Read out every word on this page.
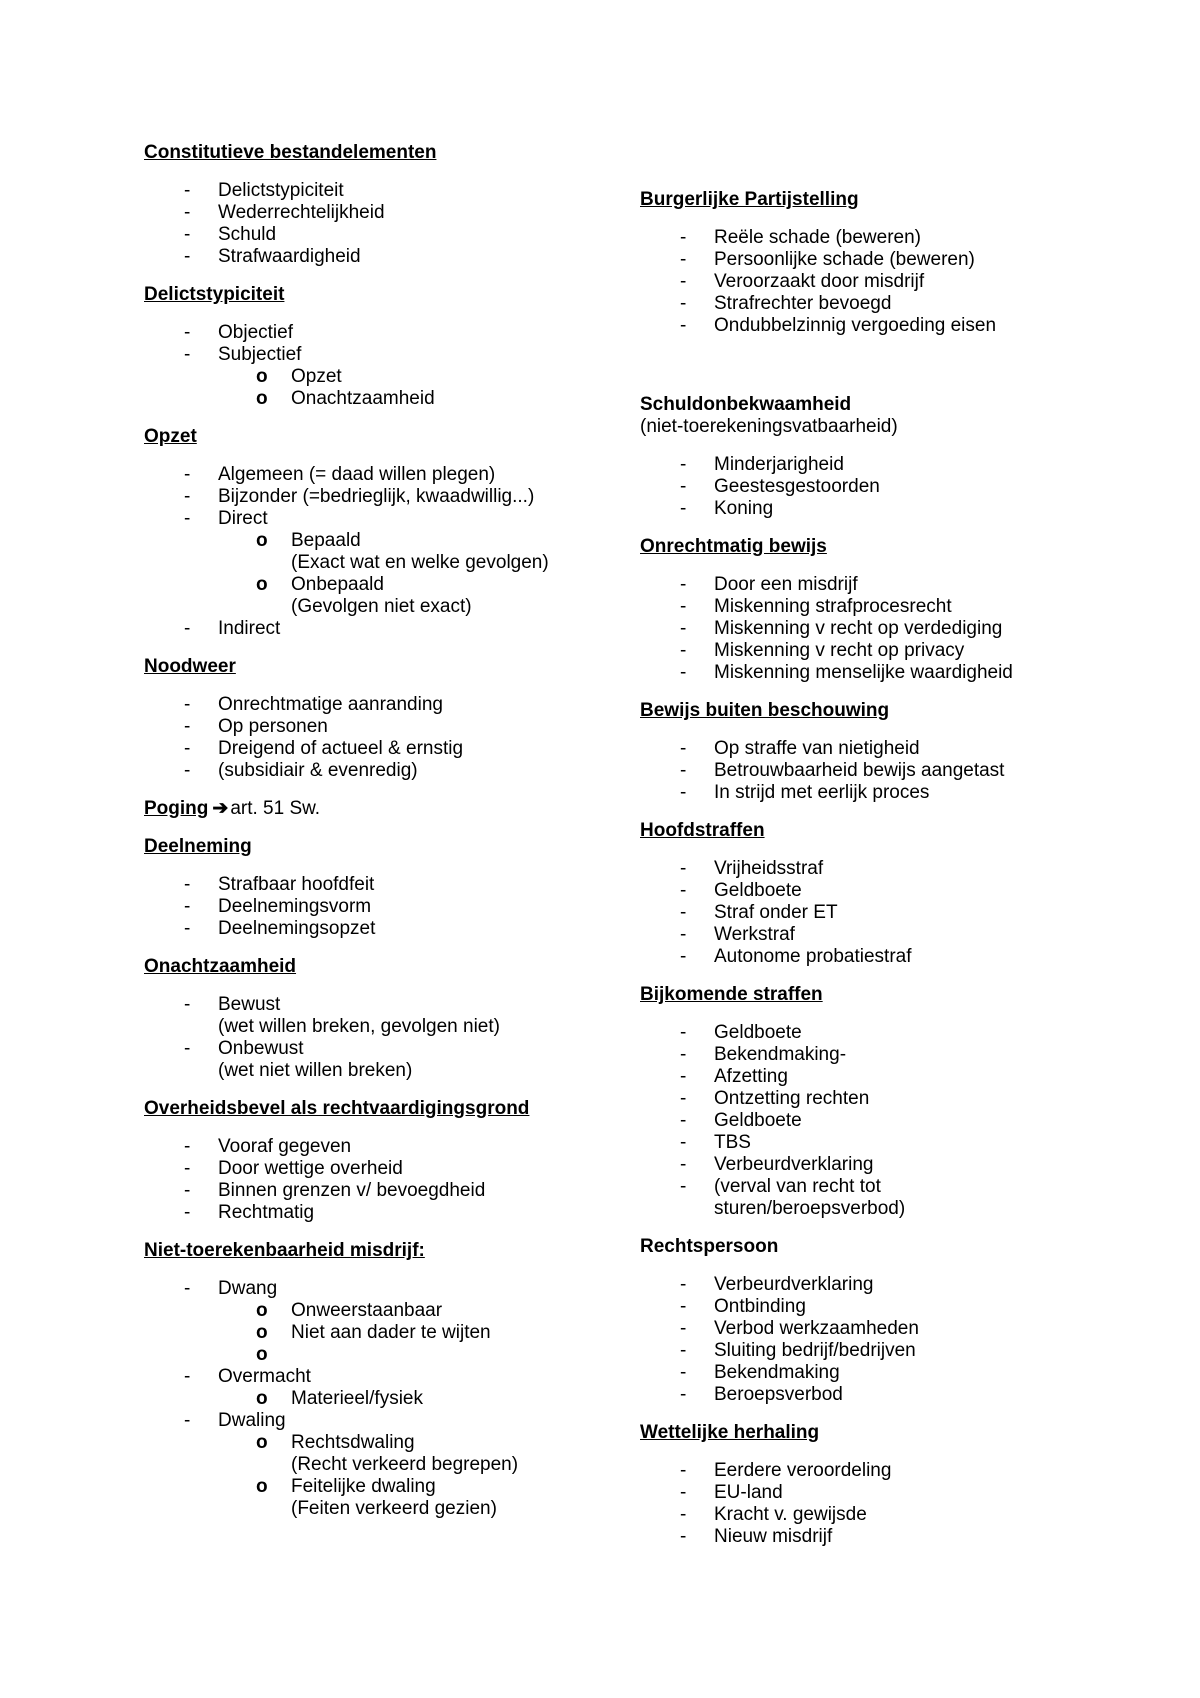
Constitutieve bestandelementen
- Delictstypiciteit
- Wederrechtelijkheid
- Schuld
- Strafwaardigheid
Delictstypiciteit
- Objectief
- Subjectief
o Opzet
o Onachtzaamheid
Opzet
- Algemeen (= daad willen plegen)
- Bijzonder (=bedrieglijk, kwaadwillig...)
- Direct
o Bepaald
(Exact wat en welke gevolgen)
o Onbepaald
(Gevolgen niet exact)
- Indirect
Noodweer
- Onrechtmatige aanranding
- Op personen
- Dreigend of actueel & ernstig
- (subsidiair & evenredig)
Poging ➔ art. 51 Sw.
Deelneming
- Strafbaar hoofdfeit
- Deelnemingsvorm
- Deelnemingsopzet
Onachtzaamheid
- Bewust
(wet willen breken, gevolgen niet)
- Onbewust
(wet niet willen breken)
Overheidsbevel als rechtvaardigingsgrond
- Vooraf gegeven
- Door wettige overheid
- Binnen grenzen v/ bevoegdheid
- Rechtmatig
Niet-toerekenbaarheid misdrijf:
- Dwang
o Onweerstaanbaar
o Niet aan dader te wijten
o
- Overmacht
o Materieel/fysiek
- Dwaling
o Rechtsdwaling
(Recht verkeerd begrepen)
o Feitelijke dwaling
(Feiten verkeerd gezien)
Burgerlijke Partijstelling
- Reële schade (beweren)
- Persoonlijke schade (beweren)
- Veroorzaakt door misdrijf
- Strafrechter bevoegd
- Ondubbelzinnig vergoeding eisen
Schuldonbekwaamheid
(niet-toerekeningsvatbaarheid)
- Minderjarigheid
- Geestesgestoorden
- Koning
Onrechtmatig bewijs
- Door een misdrijf
- Miskenning strafprocesrecht
- Miskenning v recht op verdediging
- Miskenning v recht op privacy
- Miskenning menselijke waardigheid
Bewijs buiten beschouwing
- Op straffe van nietigheid
- Betrouwbaarheid bewijs aangetast
- In strijd met eerlijk proces
Hoofdstraffen
- Vrijheidsstraf
- Geldboete
- Straf onder ET
- Werkstraf
- Autonome probatiestraf
Bijkomende straffen
- Geldboete
- Bekendmaking-
- Afzetting
- Ontzetting rechten
- Geldboete
- TBS
- Verbeurdverklaring
- (verval van recht tot
sturen/beroepsverbod)
Rechtspersoon
- Verbeurdverklaring
- Ontbinding
- Verbod werkzaamheden
- Sluiting bedrijf/bedrijven
- Bekendmaking
- Beroepsverbod
Wettelijke herhaling
- Eerdere veroordeling
- EU-land
- Kracht v. gewijsde
- Nieuw misdrijf
